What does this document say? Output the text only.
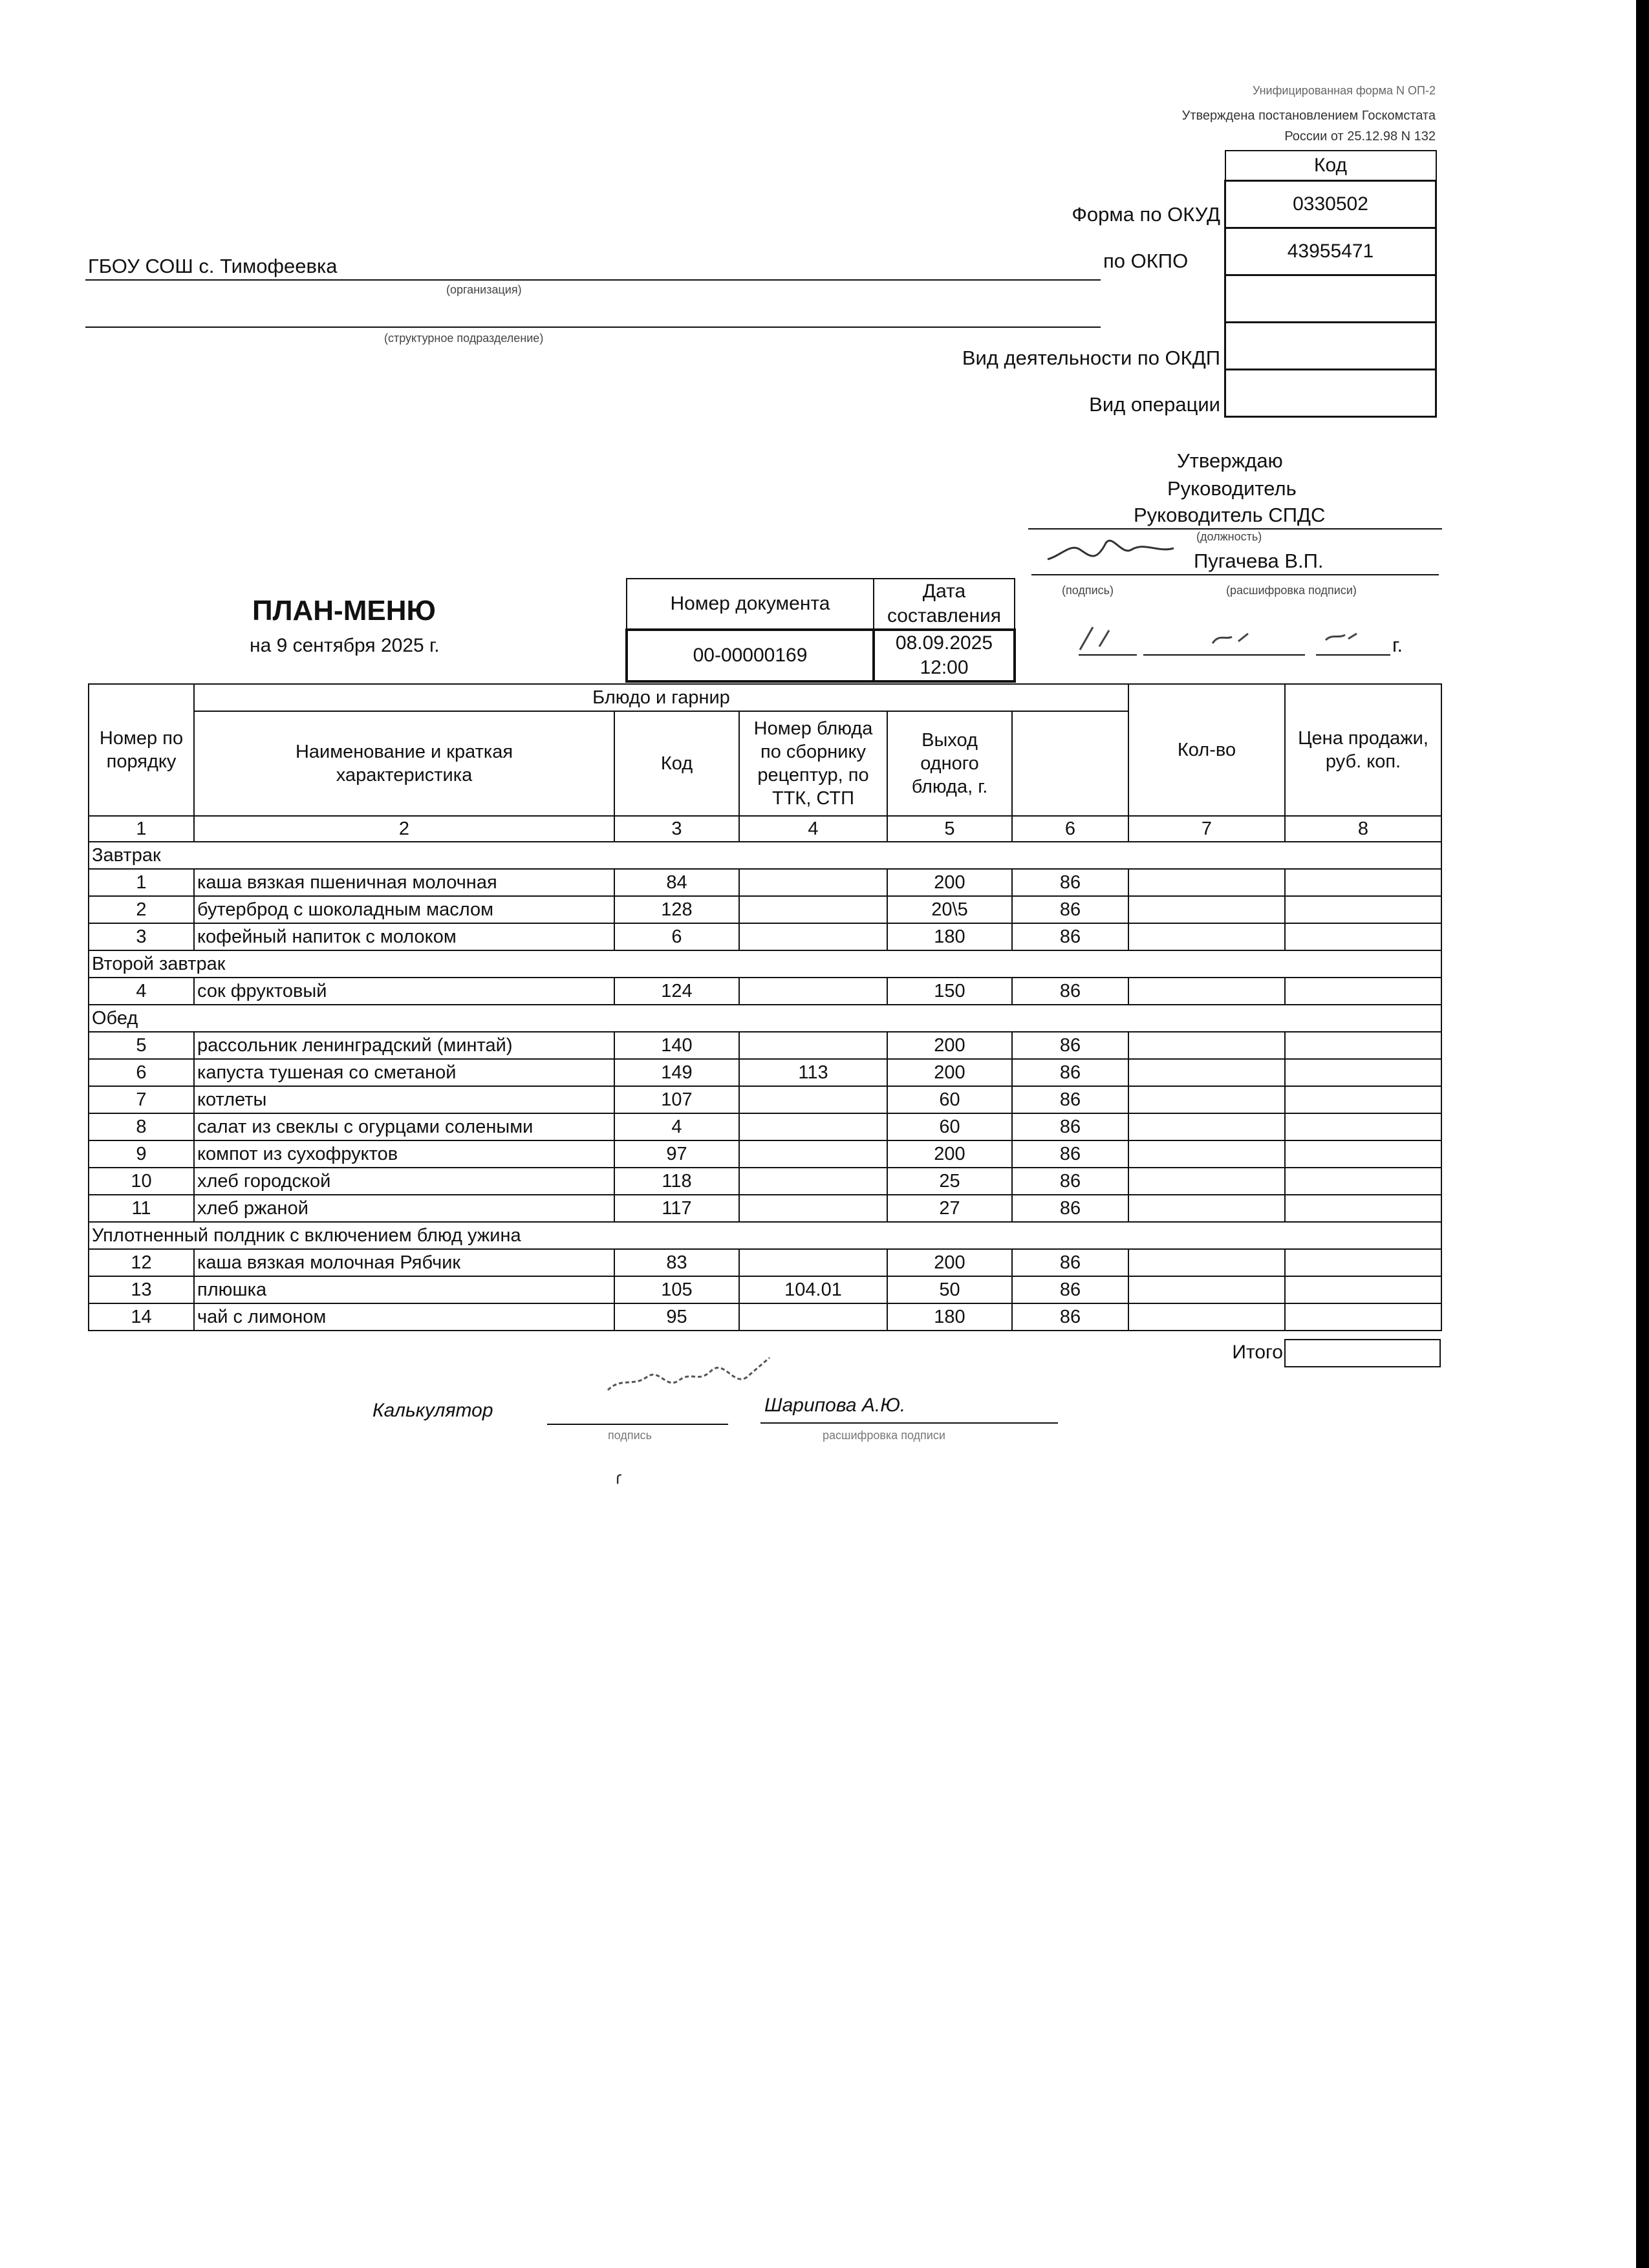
Унифицированная форма N ОП-2
Утверждена постановлением Госкомстата
России от 25.12.98 N 132
Код
0330502
43955471

Форма по ОКУД
по ОКПО
Вид деятельности по ОКДП
Вид операции
ГБОУ СОШ с. Тимофеевка
(организация)
(структурное подразделение)
Утверждаю
Руководитель
Руководитель СПДС
(должность)
Пугачева В.П.
(подпись)	(расшифровка подписи)
г.
ПЛАН-МЕНЮ
на 9 сентября 2025 г.
Номер документа	Дата составления
00-00000169	08.09.2025 12:00
Номер по порядку	Блюдо и гарнир					Кол-во	Цена продажи, руб. коп.	
	Наименование и краткая характеристика	Код	Номер блюда по сборнику рецептур, по ТТК, СТП	Выход одного блюда, г.				
1	2	3	4	5	6	7	8	
Завтрак								
1	каша вязкая пшеничная молочная	84		200	86			
2	бутерброд с шоколадным маслом	128		20\5	86			
3	кофейный напиток с молоком	6		180	86			
Второй завтрак								
4	сок фруктовый	124		150	86			
Обед								
5	рассольник ленинградский (минтай)	140		200	86			
6	капуста тушеная со сметаной	149	113	200	86			
7	котлеты	107		60	86			
8	салат из свеклы с огурцами солеными	4		60	86			
9	компот из сухофруктов	97		200	86			
10	хлеб городской	118		25	86			
11	хлеб ржаной	117		27	86			
Уплотненный полдник с включением блюд ужина								
12	каша вязкая молочная Рябчик	83		200	86			
13	плюшка	105	104.01	50	86			
14	чай с лимоном	95		180	86			
Итого
Калькулятор	Шарипова А.Ю.
подпись	расшифровка подписи
ɾ
